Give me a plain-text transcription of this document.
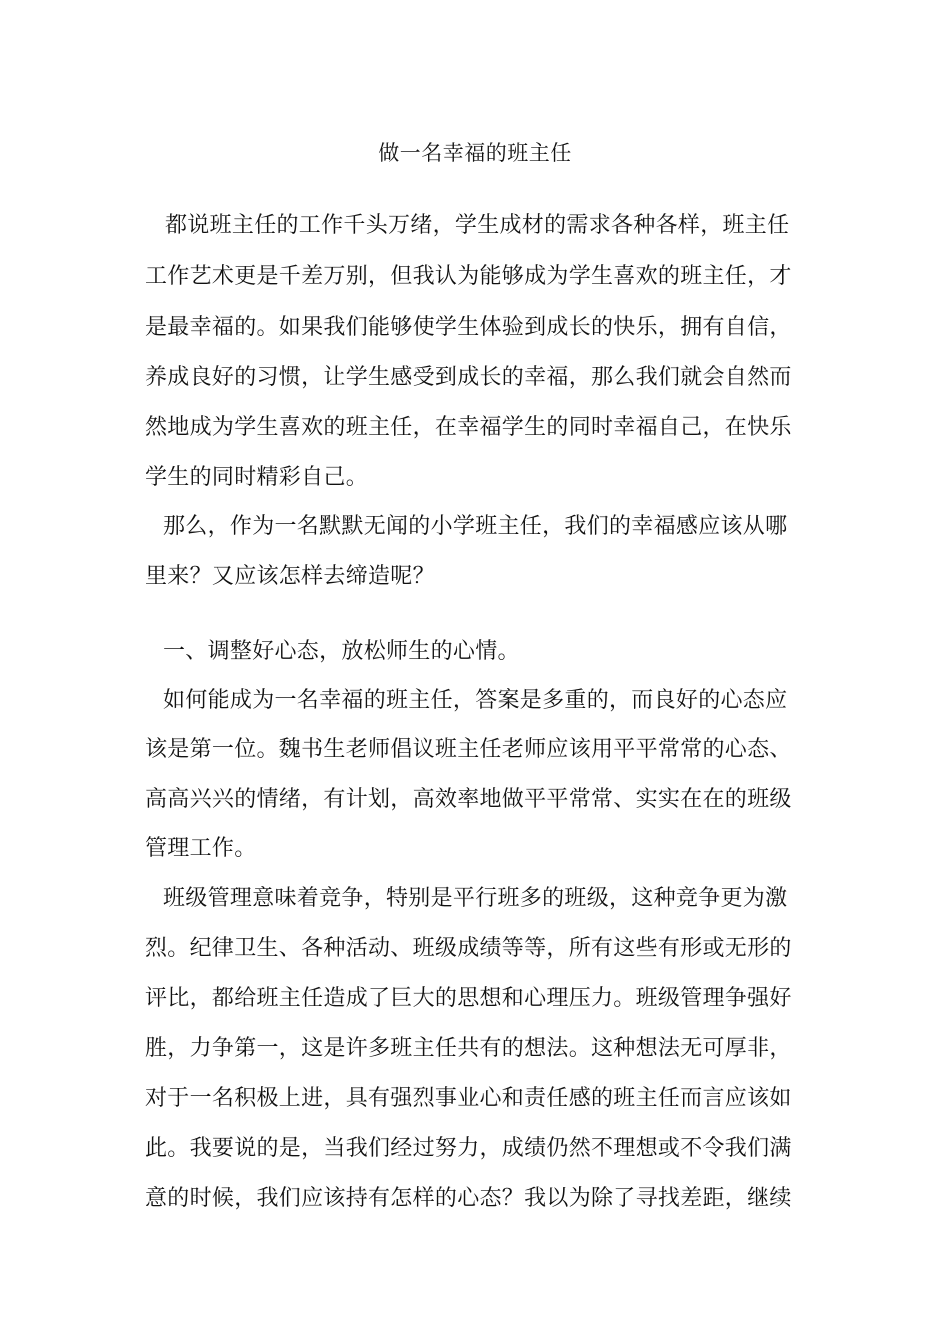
做一名幸福的班主任
都说班主任的工作千头万绪，学生成材的需求各种各样，班主任
工作艺术更是千差万别，但我认为能够成为学生喜欢的班主任，才
是最幸福的。如果我们能够使学生体验到成长的快乐，拥有自信，
养成良好的习惯，让学生感受到成长的幸福，那么我们就会自然而
然地成为学生喜欢的班主任，在幸福学生的同时幸福自己，在快乐
学生的同时精彩自己。
那么，作为一名默默无闻的小学班主任，我们的幸福感应该从哪
里来？又应该怎样去缔造呢？
一、调整好心态，放松师生的心情。
如何能成为一名幸福的班主任，答案是多重的，而良好的心态应
该是第一位。魏书生老师倡议班主任老师应该用平平常常的心态、
高高兴兴的情绪，有计划，高效率地做平平常常、实实在在的班级
管理工作。
班级管理意味着竞争，特别是平行班多的班级，这种竞争更为激
烈。纪律卫生、各种活动、班级成绩等等，所有这些有形或无形的
评比，都给班主任造成了巨大的思想和心理压力。班级管理争强好
胜，力争第一，这是许多班主任共有的想法。这种想法无可厚非，
对于一名积极上进，具有强烈事业心和责任感的班主任而言应该如
此。我要说的是，当我们经过努力，成绩仍然不理想或不令我们满
意的时候，我们应该持有怎样的心态？我以为除了寻找差距，继续
